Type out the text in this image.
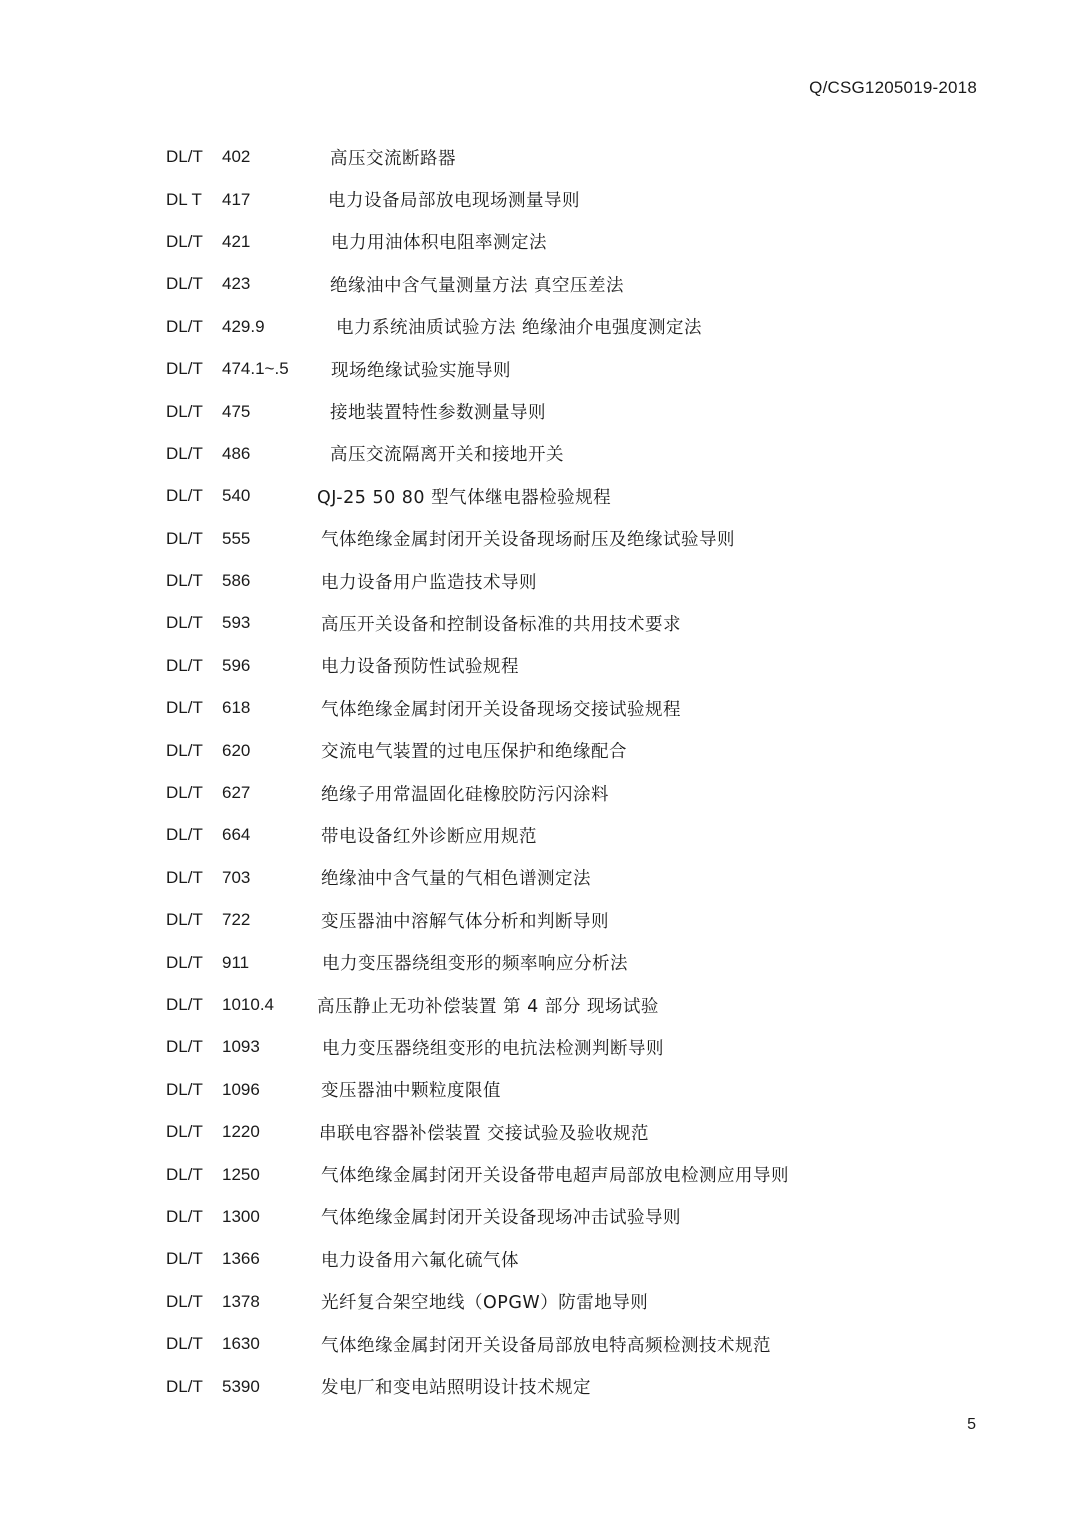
Q/CSG1205019-2018
DL/T	402	高压交流断路器
DL T	417	电力设备局部放电现场测量导则
DL/T	421	电力用油体积电阻率测定法
DL/T	423	绝缘油中含气量测量方法 真空压差法
DL/T	429.9	电力系统油质试验方法 绝缘油介电强度测定法
DL/T	474.1~.5	现场绝缘试验实施导则
DL/T	475	接地装置特性参数测量导则
DL/T	486	高压交流隔离开关和接地开关
DL/T	540	QJ-25 50 80 型气体继电器检验规程
DL/T	555	气体绝缘金属封闭开关设备现场耐压及绝缘试验导则
DL/T	586	电力设备用户监造技术导则
DL/T	593	高压开关设备和控制设备标准的共用技术要求
DL/T	596	电力设备预防性试验规程
DL/T	618	气体绝缘金属封闭开关设备现场交接试验规程
DL/T	620	交流电气装置的过电压保护和绝缘配合
DL/T	627	绝缘子用常温固化硅橡胶防污闪涂料
DL/T	664	带电设备红外诊断应用规范
DL/T	703	绝缘油中含气量的气相色谱测定法
DL/T	722	变压器油中溶解气体分析和判断导则
DL/T	911	电力变压器绕组变形的频率响应分析法
DL/T	1010.4	高压静止无功补偿装置 第 4 部分 现场试验
DL/T	1093	电力变压器绕组变形的电抗法检测判断导则
DL/T	1096	变压器油中颗粒度限值
DL/T	1220	串联电容器补偿装置 交接试验及验收规范
DL/T	1250	气体绝缘金属封闭开关设备带电超声局部放电检测应用导则
DL/T	1300	气体绝缘金属封闭开关设备现场冲击试验导则
DL/T	1366	电力设备用六氟化硫气体
DL/T	1378	光纤复合架空地线（OPGW）防雷地导则
DL/T	1630	气体绝缘金属封闭开关设备局部放电特高频检测技术规范
DL/T	5390	发电厂和变电站照明设计技术规定
5
